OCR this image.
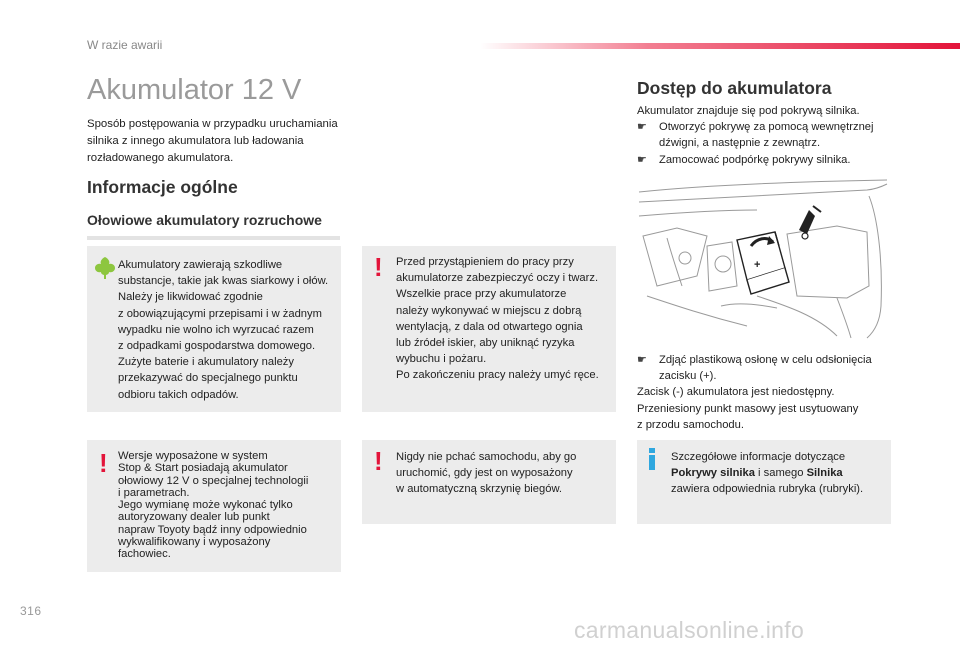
W razie awarii
Akumulator 12 V
Sposób postępowania w przypadku uruchamiania silnika z innego akumulatora lub ładowania rozładowanego akumulatora.
Informacje ogólne
Ołowiowe akumulatory rozruchowe
Akumulatory zawierają szkodliwe
substancje, takie jak kwas siarkowy i ołów.
Należy je likwidować zgodnie
z obowiązującymi przepisami i w żadnym
wypadku nie wolno ich wyrzucać razem
z odpadkami gospodarstwa domowego.
Zużyte baterie i akumulatory należy
przekazywać do specjalnego punktu
odbioru takich odpadów.
! Przed przystąpieniem do pracy przy
akumulatorze zabezpieczyć oczy i twarz.
Wszelkie prace przy akumulatorze
należy wykonywać w miejscu z dobrą
wentylacją, z dala od otwartego ognia
lub źródeł iskier, aby uniknąć ryzyka
wybuchu i pożaru.
Po zakończeniu pracy należy umyć ręce.
! Wersje wyposażone w system
Stop & Start posiadają akumulator
ołowiowy 12 V o specjalnej technologii
i parametrach.
Jego wymianę może wykonać tylko
autoryzowany dealer lub punkt
napraw Toyoty bądź inny odpowiednio
wykwalifikowany i wyposażony
fachowiec.
! Nigdy nie pchać samochodu, aby go
uruchomić, gdy jest on wyposażony
w automatyczną skrzynię biegów.
Dostęp do akumulatora
Akumulator znajduje się pod pokrywą silnika.
☛ Otworzyć pokrywę za pomocą wewnętrznej dźwigni, a następnie z zewnątrz.
☛ Zamocować podpórkę pokrywy silnika.
+
☛ Zdjąć plastikową osłonę w celu odsłonięcia zacisku (+).
Zacisk (-) akumulatora jest niedostępny.
Przeniesiony punkt masowy jest usytuowany
z przodu samochodu.
Szczegółowe informacje dotyczące
Pokrywy silnika i samego Silnika
zawiera odpowiednia rubryka (rubryki).
316
carmanualsonline.info
